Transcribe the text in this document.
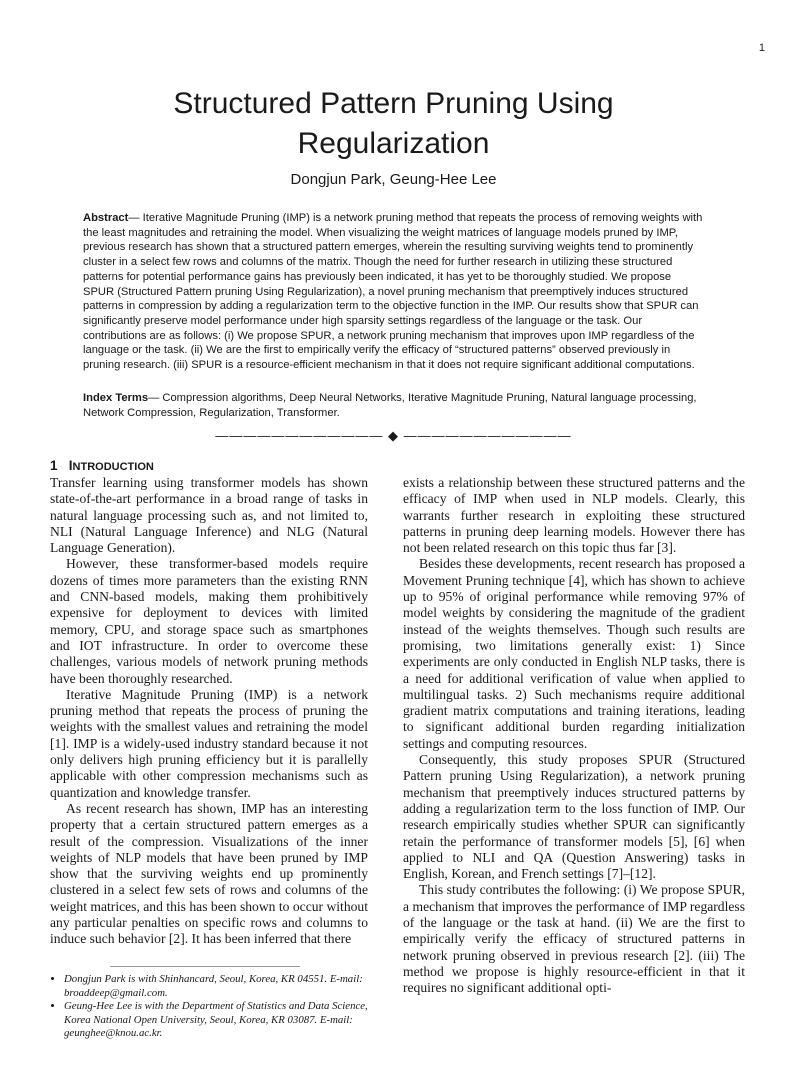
1
Structured Pattern Pruning Using
Regularization
Dongjun Park, Geung-Hee Lee
Abstract— Iterative Magnitude Pruning (IMP) is a network pruning method that repeats the process of removing weights with the least magnitudes and retraining the model. When visualizing the weight matrices of language models pruned by IMP, previous research has shown that a structured pattern emerges, wherein the resulting surviving weights tend to prominently cluster in a select few rows and columns of the matrix. Though the need for further research in utilizing these structured patterns for potential performance gains has previously been indicated, it has yet to be thoroughly studied. We propose SPUR (Structured Pattern pruning Using Regularization), a novel pruning mechanism that preemptively induces structured patterns in compression by adding a regularization term to the objective function in the IMP. Our results show that SPUR can significantly preserve model performance under high sparsity settings regardless of the language or the task. Our contributions are as follows: (i) We propose SPUR, a network pruning mechanism that improves upon IMP regardless of the language or the task. (ii) We are the first to empirically verify the efficacy of “structured patterns” observed previously in pruning research. (iii) SPUR is a resource-efficient mechanism in that it does not require significant additional computations.
Index Terms— Compression algorithms, Deep Neural Networks, Iterative Magnitude Pruning, Natural language processing, Network Compression, Regularization, Transformer.
———————————— ◆ ————————————
1 INTRODUCTION

Transfer learning using transformer models has shown state-of-the-art performance in a broad range of tasks in natural language processing such as, and not limited to, NLI (Natural Language Inference) and NLG (Natural Language Generation).

However, these transformer-based models require dozens of times more parameters than the existing RNN and CNN-based models, making them prohibitively expensive for deployment to devices with limited memory, CPU, and storage space such as smartphones and IOT infrastructure. In order to overcome these challenges, various models of network pruning methods have been thoroughly researched.

Iterative Magnitude Pruning (IMP) is a network pruning method that repeats the process of pruning the weights with the smallest values and retraining the model [1]. IMP is a widely-used industry standard because it not only delivers high pruning efficiency but it is parallelly applicable with other compression mechanisms such as quantization and knowledge transfer.

As recent research has shown, IMP has an interesting property that a certain structured pattern emerges as a result of the compression. Visualizations of the inner weights of NLP models that have been pruned by IMP show that the surviving weights end up prominently clustered in a select few sets of rows and columns of the weight matrices, and this has been shown to occur without any particular penalties on specific rows and columns to induce such behavior [2]. It has been inferred that there

exists a relationship between these structured patterns and the efficacy of IMP when used in NLP models. Clearly, this warrants further research in exploiting these structured patterns in pruning deep learning models. However there has not been related research on this topic thus far [3].

Besides these developments, recent research has proposed a Movement Pruning technique [4], which has shown to achieve up to 95% of original performance while removing 97% of model weights by considering the magnitude of the gradient instead of the weights themselves. Though such results are promising, two limitations generally exist: 1) Since experiments are only conducted in English NLP tasks, there is a need for additional verification of value when applied to multilingual tasks. 2) Such mechanisms require additional gradient matrix computations and training iterations, leading to significant additional burden regarding initialization settings and computing resources.

Consequently, this study proposes SPUR (Structured Pattern pruning Using Regularization), a network pruning mechanism that preemptively induces structured patterns by adding a regularization term to the loss function of IMP. Our research empirically studies whether SPUR can significantly retain the performance of transformer models [5], [6] when applied to NLI and QA (Question Answering) tasks in English, Korean, and French settings [7]–[12].

This study contributes the following: (i) We propose SPUR, a mechanism that improves the performance of IMP regardless of the language or the task at hand. (ii) We are the first to empirically verify the efficacy of structured patterns in network pruning observed in previous research [2]. (iii) The method we propose is highly resource-efficient in that it requires no significant additional opti-

• Dongjun Park is with Shinhancard, Seoul, Korea, KR 04551. E-mail: broaddeep@gmail.com.
• Geung-Hee Lee is with the Department of Statistics and Data Science, Korea National Open University, Seoul, Korea, KR 03087. E-mail: geunghee@knou.ac.kr.
